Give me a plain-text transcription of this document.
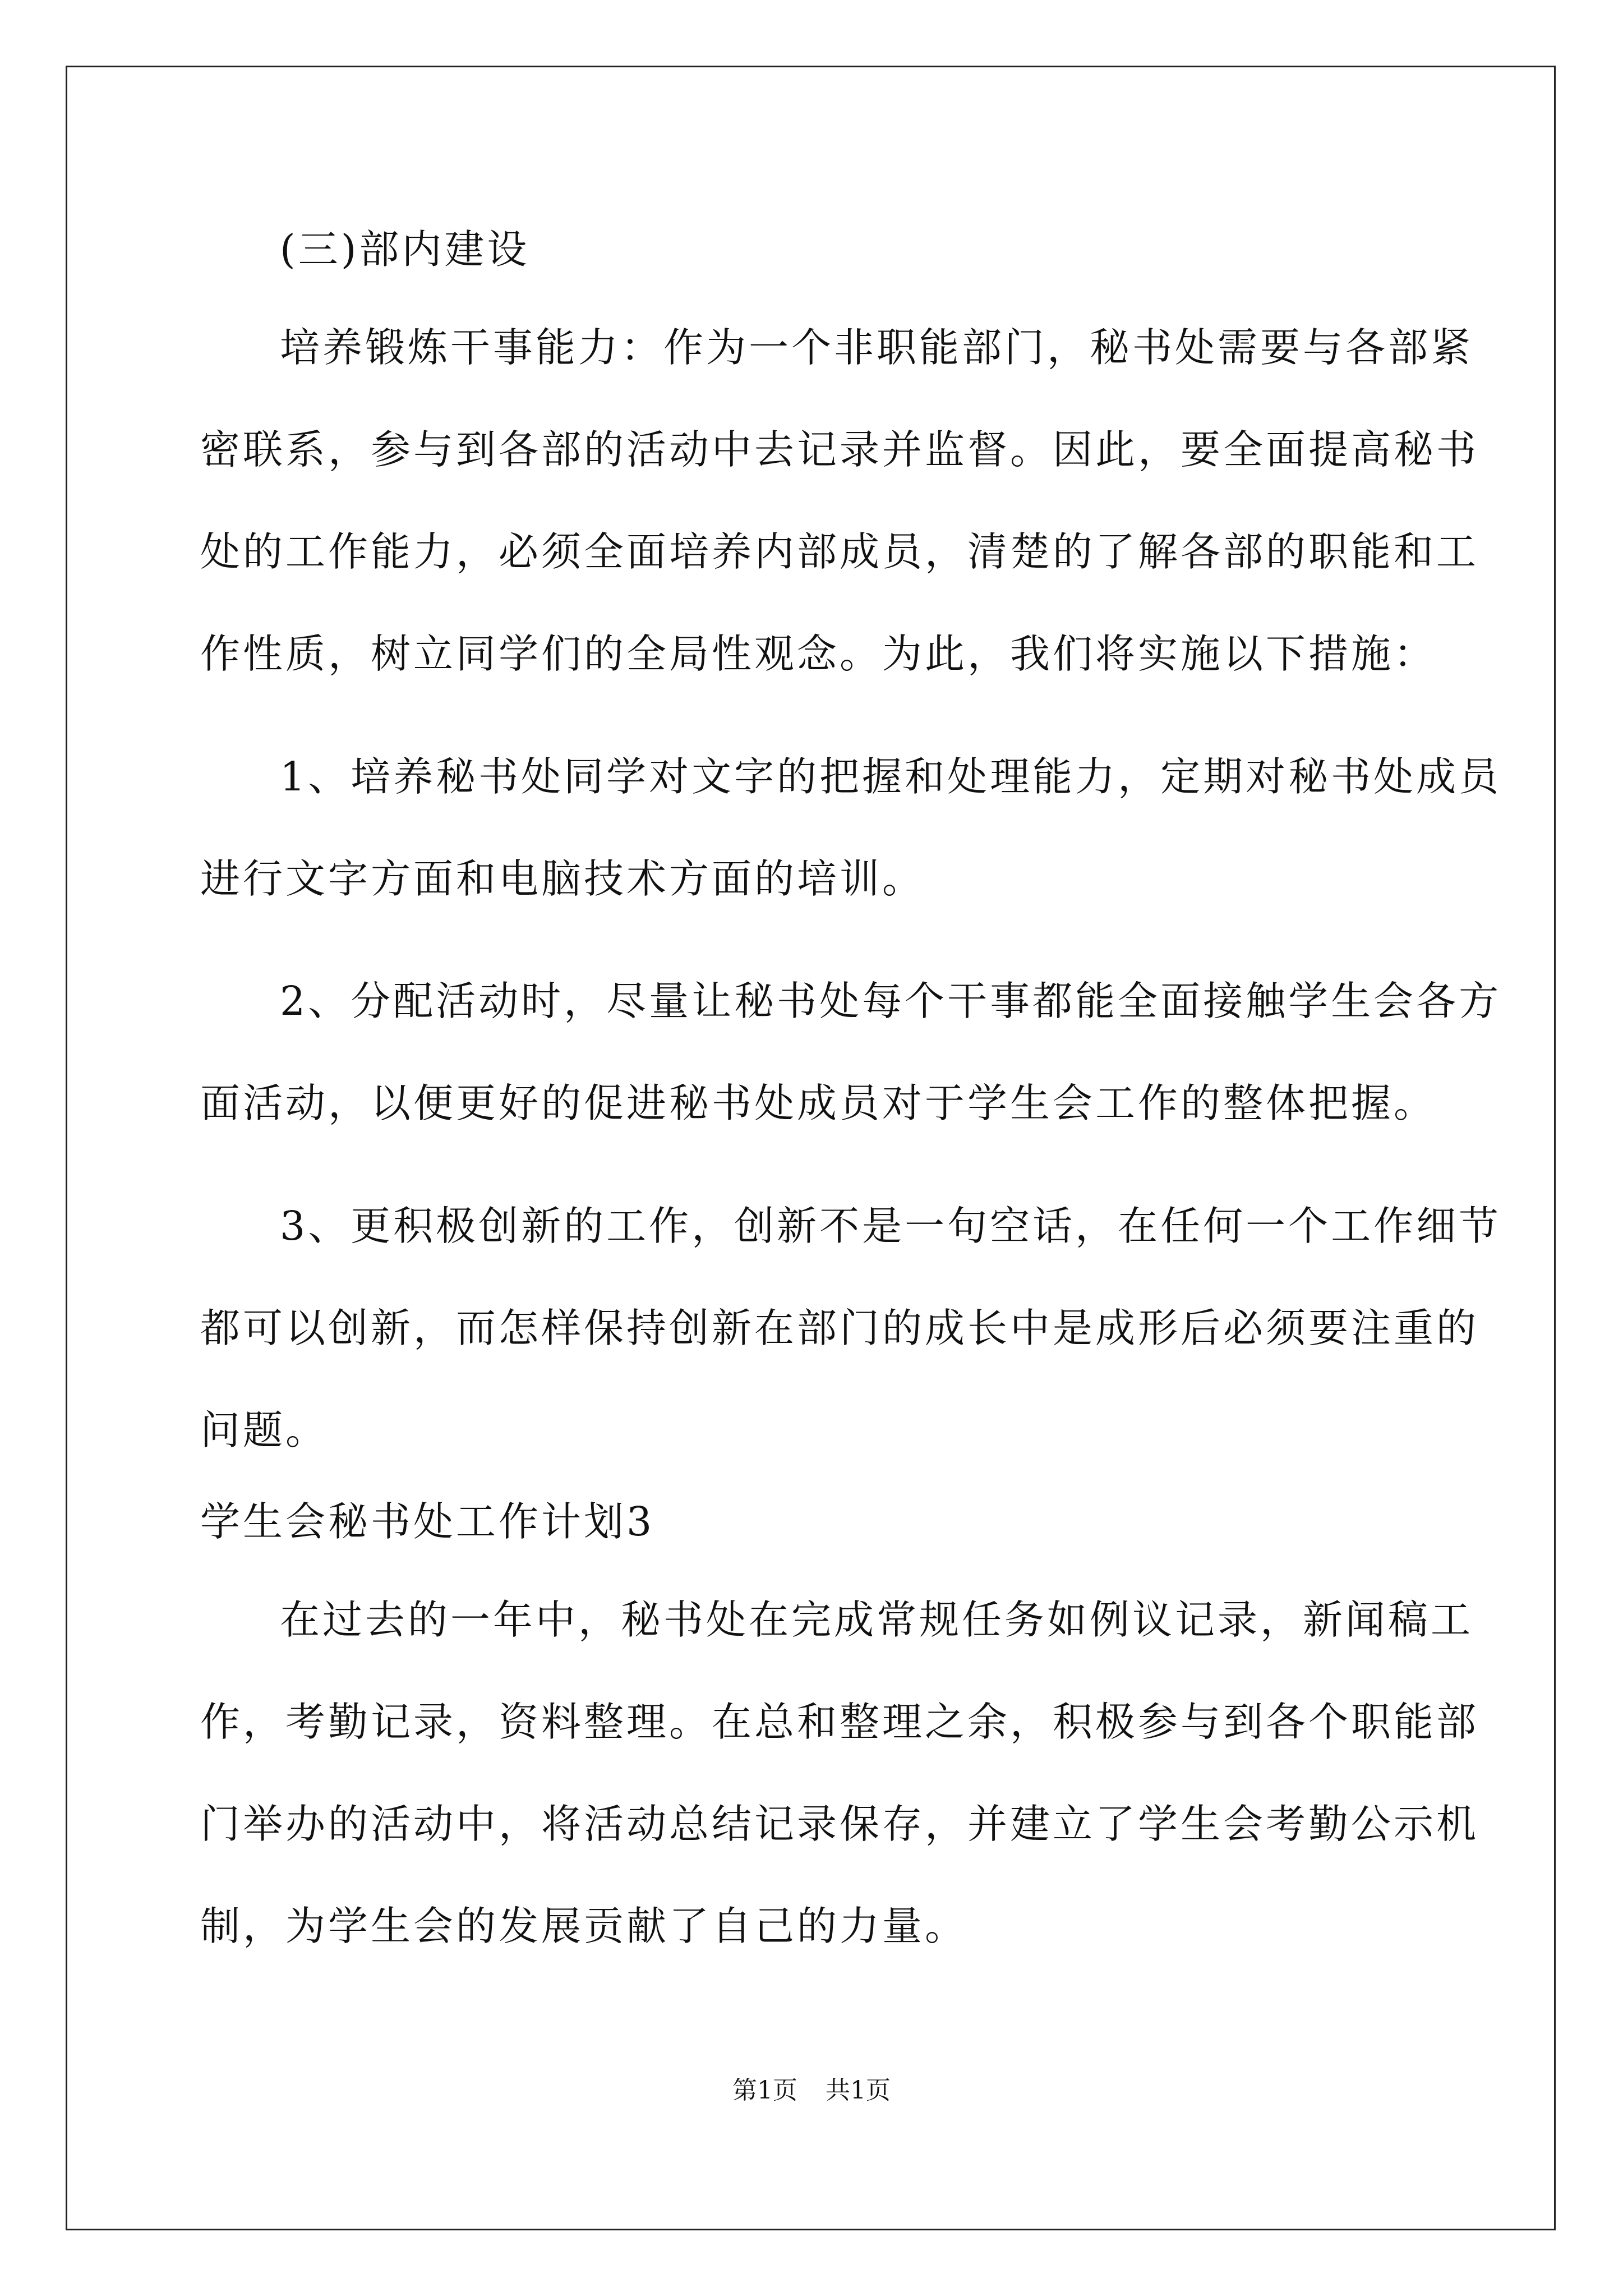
(三)部内建设
培养锻炼干事能力：作为一个非职能部门，秘书处需要与各部紧
密联系，参与到各部的活动中去记录并监督。因此，要全面提高秘书
处的工作能力，必须全面培养内部成员，清楚的了解各部的职能和工
作性质，树立同学们的全局性观念。为此，我们将实施以下措施：
1、培养秘书处同学对文字的把握和处理能力，定期对秘书处成员
进行文字方面和电脑技术方面的培训。
2、分配活动时，尽量让秘书处每个干事都能全面接触学生会各方
面活动，以便更好的促进秘书处成员对于学生会工作的整体把握。
3、更积极创新的工作，创新不是一句空话，在任何一个工作细节
都可以创新，而怎样保持创新在部门的成长中是成形后必须要注重的
问题。
学生会秘书处工作计划3
在过去的一年中，秘书处在完成常规任务如例议记录，新闻稿工
作，考勤记录，资料整理。在总和整理之余，积极参与到各个职能部
门举办的活动中，将活动总结记录保存，并建立了学生会考勤公示机
制，为学生会的发展贡献了自己的力量。
第1页 共1页
